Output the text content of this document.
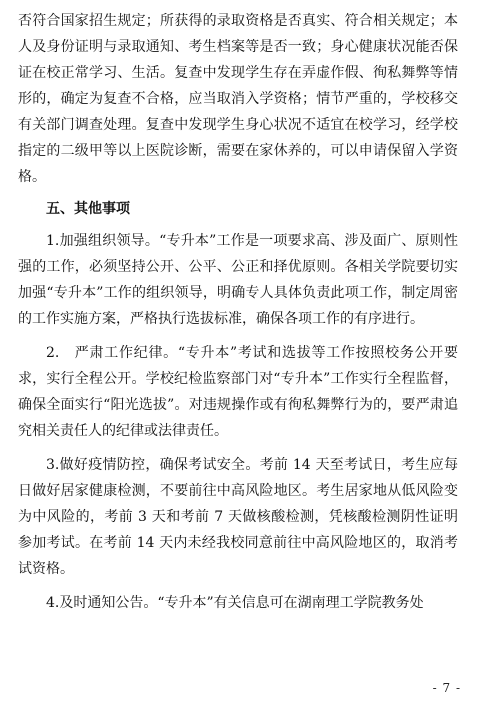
否符合国家招生规定；所获得的录取资格是否真实、符合相关规定；本人及身份证明与录取通知、考生档案等是否一致；身心健康状况能否保证在校正常学习、生活。复查中发现学生存在弄虚作假、徇私舞弊等情形的，确定为复查不合格，应当取消入学资格；情节严重的，学校移交有关部门调查处理。复查中发现学生身心状况不适宜在校学习，经学校指定的二级甲等以上医院诊断，需要在家休养的，可以申请保留入学资格。

五、其他事项

1.加强组织领导。“专升本”工作是一项要求高、涉及面广、原则性强的工作，必须坚持公开、公平、公正和择优原则。各相关学院要切实加强“专升本”工作的组织领导，明确专人具体负责此项工作，制定周密的工作实施方案，严格执行选拔标准，确保各项工作的有序进行。

2.　严肃工作纪律。“专升本”考试和选拔等工作按照校务公开要求，实行全程公开。学校纪检监察部门对“专升本”工作实行全程监督，确保全面实行“阳光选拔”。对违规操作或有徇私舞弊行为的，要严肃追究相关责任人的纪律或法律责任。

3.做好疫情防控，确保考试安全。考前 14 天至考试日，考生应每日做好居家健康检测，不要前往中高风险地区。考生居家地从低风险变为中风险的，考前 3 天和考前 7 天做核酸检测，凭核酸检测阴性证明参加考试。在考前 14 天内未经我校同意前往中高风险地区的，取消考试资格。

4.及时通知公告。“专升本”有关信息可在湖南理工学院教务处

- 7 -
